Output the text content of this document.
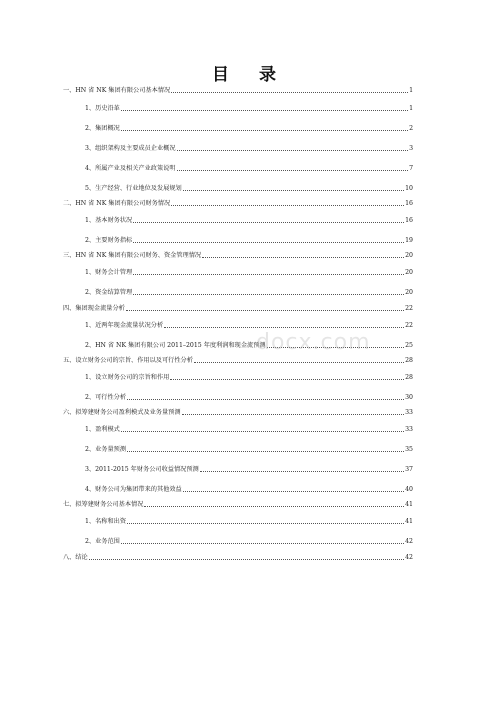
目 录
一、HN 省 NK 集团有限公司基本情况	1
1、历史沿革	1
2、集团概况	2
3、组织架构及主要成员企业概况	3
4、所属产业及相关产业政策说明	7
5、生产经营、行业地位及发展规划	10
二、HN 省 NK 集团有限公司财务情况	16
1、基本财务状况	16
2、主要财务指标	19
三、HN 省 NK 集团有限公司财务、资金管理情况	20
1、财务会计管理	20
2、资金结算管理	20
四、集团现金流量分析	22
1、近两年现金流量状况分析	22
2、HN 省 NK 集团有限公司 2011–2015 年度利润和现金流预测	25
五、设立财务公司的宗旨、作用以及可行性分析	28
1、设立财务公司的宗旨和作用	28
2、可行性分析	30
六、拟筹建财务公司盈利模式及业务量预测	33
1、盈利模式	33
2、业务量预测	35
3、2011-2015 年财务公司收益情况预测	37
4、财务公司为集团带来的其他效益	40
七、拟筹建财务公司基本情况	41
1、名称和出资	41
2、业务范围	42
八、结论	42
docx.com
